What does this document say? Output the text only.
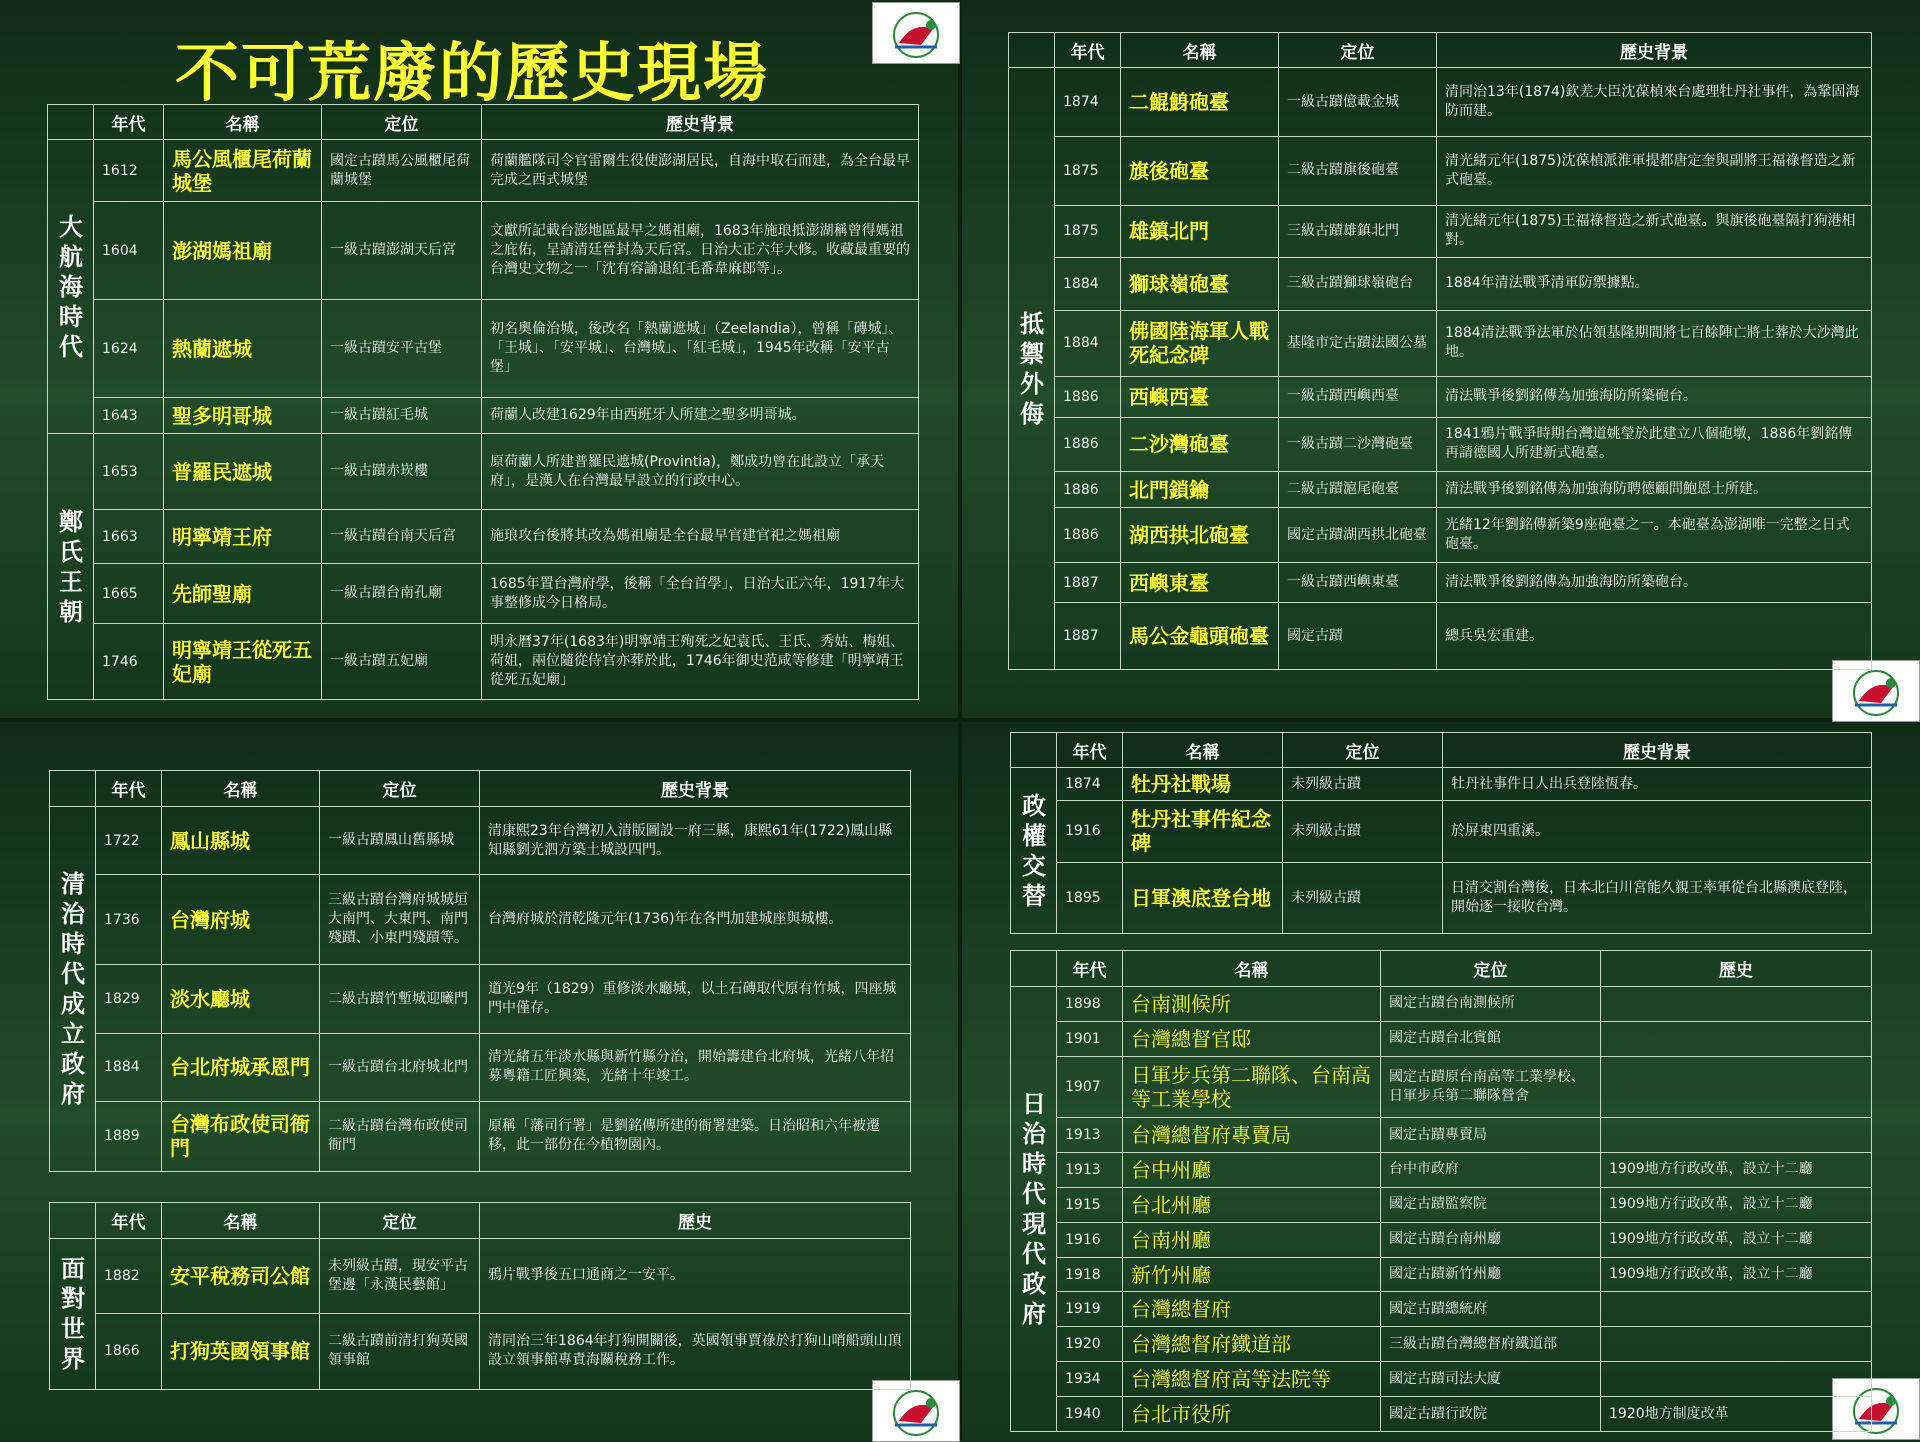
不可荒廢的歷史現場
	年代	名稱	定位	歷史背景
大航海時代	1612	馬公風櫃尾荷蘭城堡	國定古蹟馬公風櫃尾荷蘭城堡	荷蘭艦隊司令官雷爾生役使澎湖居民，自海中取石而建，為全台最早完成之西式城堡
	1604	澎湖媽祖廟	一級古蹟澎湖天后宮	文獻所記載台澎地區最早之媽祖廟，1683年施琅抵澎湖稱曾得媽祖之庇佑，呈請清廷晉封為天后宮。日治大正六年大修。收藏最重要的台灣史文物之一「沈有容諭退紅毛番韋麻郎等」。
	1624	熱蘭遮城	一級古蹟安平古堡	初名奧倫治城，後改名「熱蘭遮城」（Zeelandia），曾稱「磚城」、「王城」、「安平城」、台灣城」、「紅毛城」，1945年改稱「安平古堡」
	1643	聖多明哥城	一級古蹟紅毛城	荷蘭人改建1629年由西班牙人所建之聖多明哥城。
鄭氏王朝	1653	普羅民遮城	一級古蹟赤崁樓	原荷蘭人所建普羅民遮城(Provintia)，鄭成功曾在此設立「承天府」，是漢人在台灣最早設立的行政中心。
	1663	明寧靖王府	一級古蹟台南天后宮	施琅攻台後將其改為媽祖廟是全台最早官建官祀之媽祖廟
	1665	先師聖廟	一級古蹟台南孔廟	1685年置台灣府學，後稱「全台首學」，日治大正六年，1917年大事整修成今日格局。
	1746	明寧靖王從死五妃廟	一級古蹟五妃廟	明永曆37年(1683年)明寧靖王殉死之妃袁氏、王氏、秀姑、梅姐、荷姐，兩位隨從侍官亦葬於此，1746年御史范咸等修建「明寧靖王從死五妃廟」
	年代	名稱	定位	歷史背景
抵禦外侮	1874	二鯤鯓砲臺	一級古蹟億載金城	清同治13年(1874)欽差大臣沈葆楨來台處理牡丹社事件，為鞏固海防而建。
	1875	旗後砲臺	二級古蹟旗後砲臺	清光緒元年(1875)沈葆楨派淮軍提都唐定奎與副將王福祿督造之新式砲臺。
	1875	雄鎮北門	三級古蹟雄鎮北門	清光緒元年(1875)王福祿督造之新式砲臺。與旗後砲臺隔打狗港相對。
	1884	獅球嶺砲臺	三級古蹟獅球嶺砲台	1884年清法戰爭清軍防禦據點。
	1884	佛國陸海軍人戰死紀念碑	基隆市定古蹟法國公墓	1884清法戰爭法軍於佔領基隆期間將七百餘陣亡將士葬於大沙灣此地。
	1886	西嶼西臺	一級古蹟西嶼西臺	清法戰爭後劉銘傳為加強海防所築砲台。
	1886	二沙灣砲臺	一級古蹟二沙灣砲臺	1841鴉片戰爭時期台灣道姚瑩於此建立八個砲墩，1886年劉銘傳再請德國人所建新式砲臺。
	1886	北門鎖鑰	二級古蹟滬尾砲臺	清法戰爭後劉銘傳為加強海防聘德顧問鮑恩士所建。
	1886	湖西拱北砲臺	國定古蹟湖西拱北砲臺	光緒12年劉銘傳新築9座砲臺之一。本砲臺為澎湖唯一完整之日式砲臺。
	1887	西嶼東臺	一級古蹟西嶼東臺	清法戰爭後劉銘傳為加強海防所築砲台。
	1887	馬公金龜頭砲臺	國定古蹟	總兵吳宏重建。
	年代	名稱	定位	歷史背景
清治時代 成立政府	1722	鳳山縣城	一級古蹟鳳山舊縣城	清康熙23年台灣初入清版圖設一府三縣，康熙61年(1722)鳳山縣知縣劉光泗方築土城設四門。
	1736	台灣府城	三級古蹟台灣府城城垣大南門、大東門、南門殘蹟、小東門殘蹟等。	台灣府城於清乾隆元年(1736)年在各門加建城座與城樓。
	1829	淡水廳城	二級古蹟竹塹城迎曦門	道光9年（1829）重修淡水廳城，以土石磚取代原有竹城，四座城門中僅存。
	1884	台北府城承恩門	一級古蹟台北府城北門	清光緒五年淡水縣與新竹縣分治，開始籌建台北府城，光緒八年招募粵籍工匠興築，光緒十年竣工。
	1889	台灣布政使司衙門	二級古蹟台灣布政使司衙門	原稱「藩司行署」是劉銘傳所建的衙署建築。日治昭和六年被遷移，此一部份在今植物園內。
	年代	名稱	定位	歷史
面對世界	1882	安平稅務司公館	未列級古蹟，現安平古堡邊「永漢民藝館」	鴉片戰爭後五口通商之一安平。
	1866	打狗英國領事館	二級古蹟前清打狗英國領事館	清同治三年1864年打狗開關後，英國領事賈祿於打狗山哨船頭山頂設立領事館專責海關稅務工作。
	年代	名稱	定位	歷史背景
政權交替	1874	牡丹社戰場	未列級古蹟	牡丹社事件日人出兵登陸恆春。
	1916	牡丹社事件紀念碑	未列級古蹟	於屏東四重溪。
	1895	日軍澳底登台地	未列級古蹟	日清交割台灣後，日本北白川宮能久親王率軍從台北縣澳底登陸，開始逐一接收台灣。
	年代	名稱	定位	歷史
日治時代 現代政府	1898	台南測候所	國定古蹟台南測候所	
	1901	台灣總督官邸	國定古蹟台北賓館	
	1907	日軍步兵第二聯隊、台南高等工業學校	國定古蹟原台南高等工業學校、日軍步兵第二聯隊營舍	
	1913	台灣總督府專賣局	國定古蹟專賣局	
	1913	台中州廳	台中市政府	1909地方行政改革，設立十二廳
	1915	台北州廳	國定古蹟監察院	1909地方行政改革，設立十二廳
	1916	台南州廳	國定古蹟台南州廳	1909地方行政改革，設立十二廳
	1918	新竹州廳	國定古蹟新竹州廳	1909地方行政改革，設立十二廳
	1919	台灣總督府	國定古蹟總統府	
	1920	台灣總督府鐵道部	三級古蹟台灣總督府鐵道部	
	1934	台灣總督府高等法院等	國定古蹟司法大廈	
	1940	台北市役所	國定古蹟行政院	1920地方制度改革
